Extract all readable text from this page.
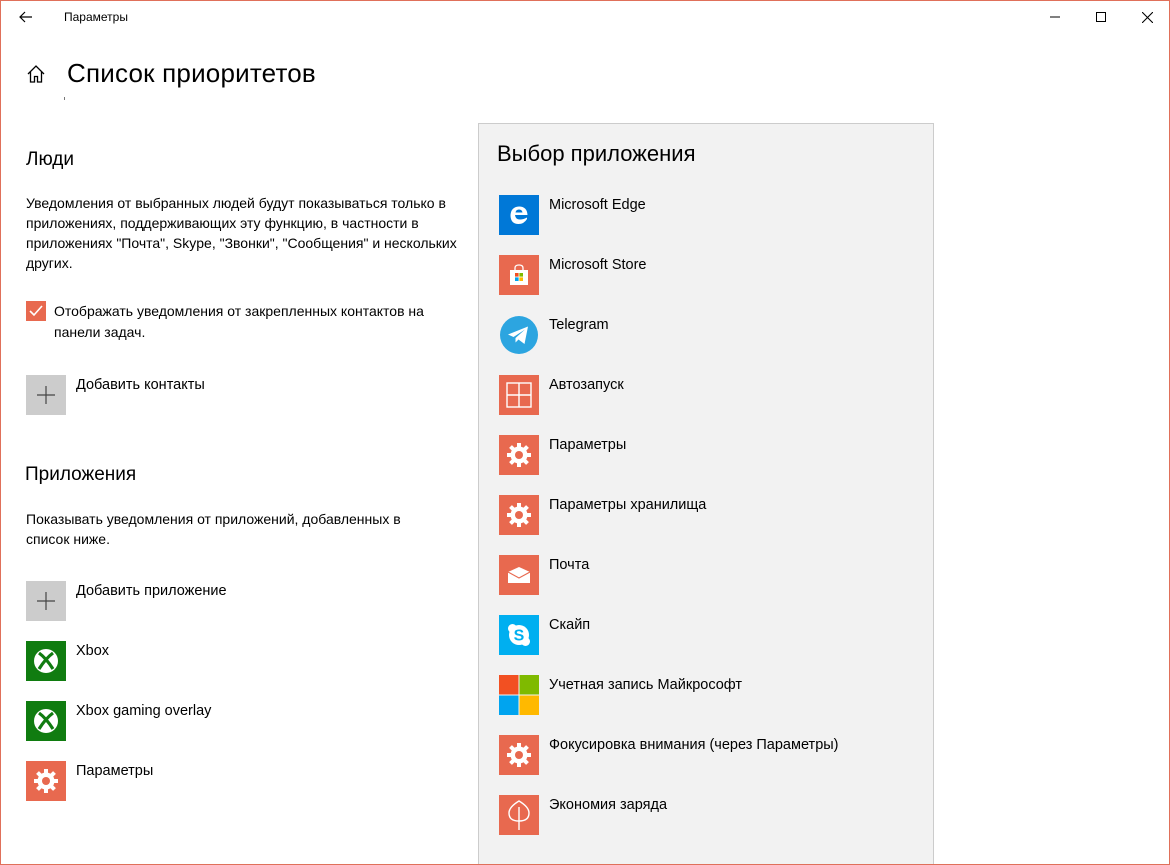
Параметры
Список приоритетов
Люди
Уведомления от выбранных людей будут показываться только в приложениях, поддерживающих эту функцию, в частности в приложениях "Почта", Skype, "Звонки", "Сообщения" и нескольких других.
Отображать уведомления от закрепленных контактов на панели задач.
Добавить контакты
Приложения
Показывать уведомления от приложений, добавленных в список ниже.
Добавить приложение
Xbox
Xbox gaming overlay
Параметры
Выбор приложения
Microsoft Edge
Microsoft Store
Telegram
Автозапуск
Параметры
Параметры хранилища
Почта
S
Скайп
Учетная запись Майкрософт
Фокусировка внимания (через Параметры)
Экономия заряда
